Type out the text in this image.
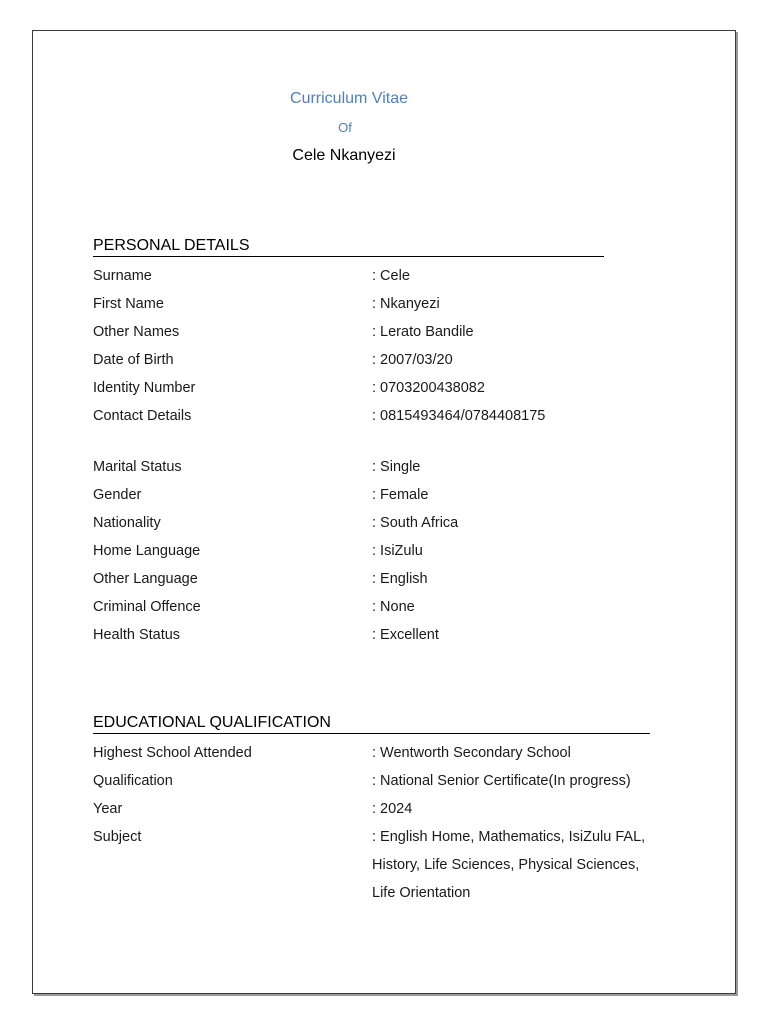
Curriculum Vitae
Of
Cele Nkanyezi
PERSONAL DETAILS
Surname	: Cele
First Name	: Nkanyezi
Other Names	: Lerato Bandile
Date of Birth	: 2007/03/20
Identity Number	: 0703200438082
Contact Details	: 0815493464/0784408175
Marital Status	: Single
Gender	: Female
Nationality	: South Africa
Home Language	: IsiZulu
Other Language	: English
Criminal Offence	: None
Health Status	: Excellent
EDUCATIONAL QUALIFICATION
Highest School Attended	: Wentworth Secondary School
Qualification	: National Senior Certificate(In progress)
Year	: 2024
Subject	: English Home, Mathematics, IsiZulu FAL,
History, Life Sciences, Physical Sciences,
Life Orientation
